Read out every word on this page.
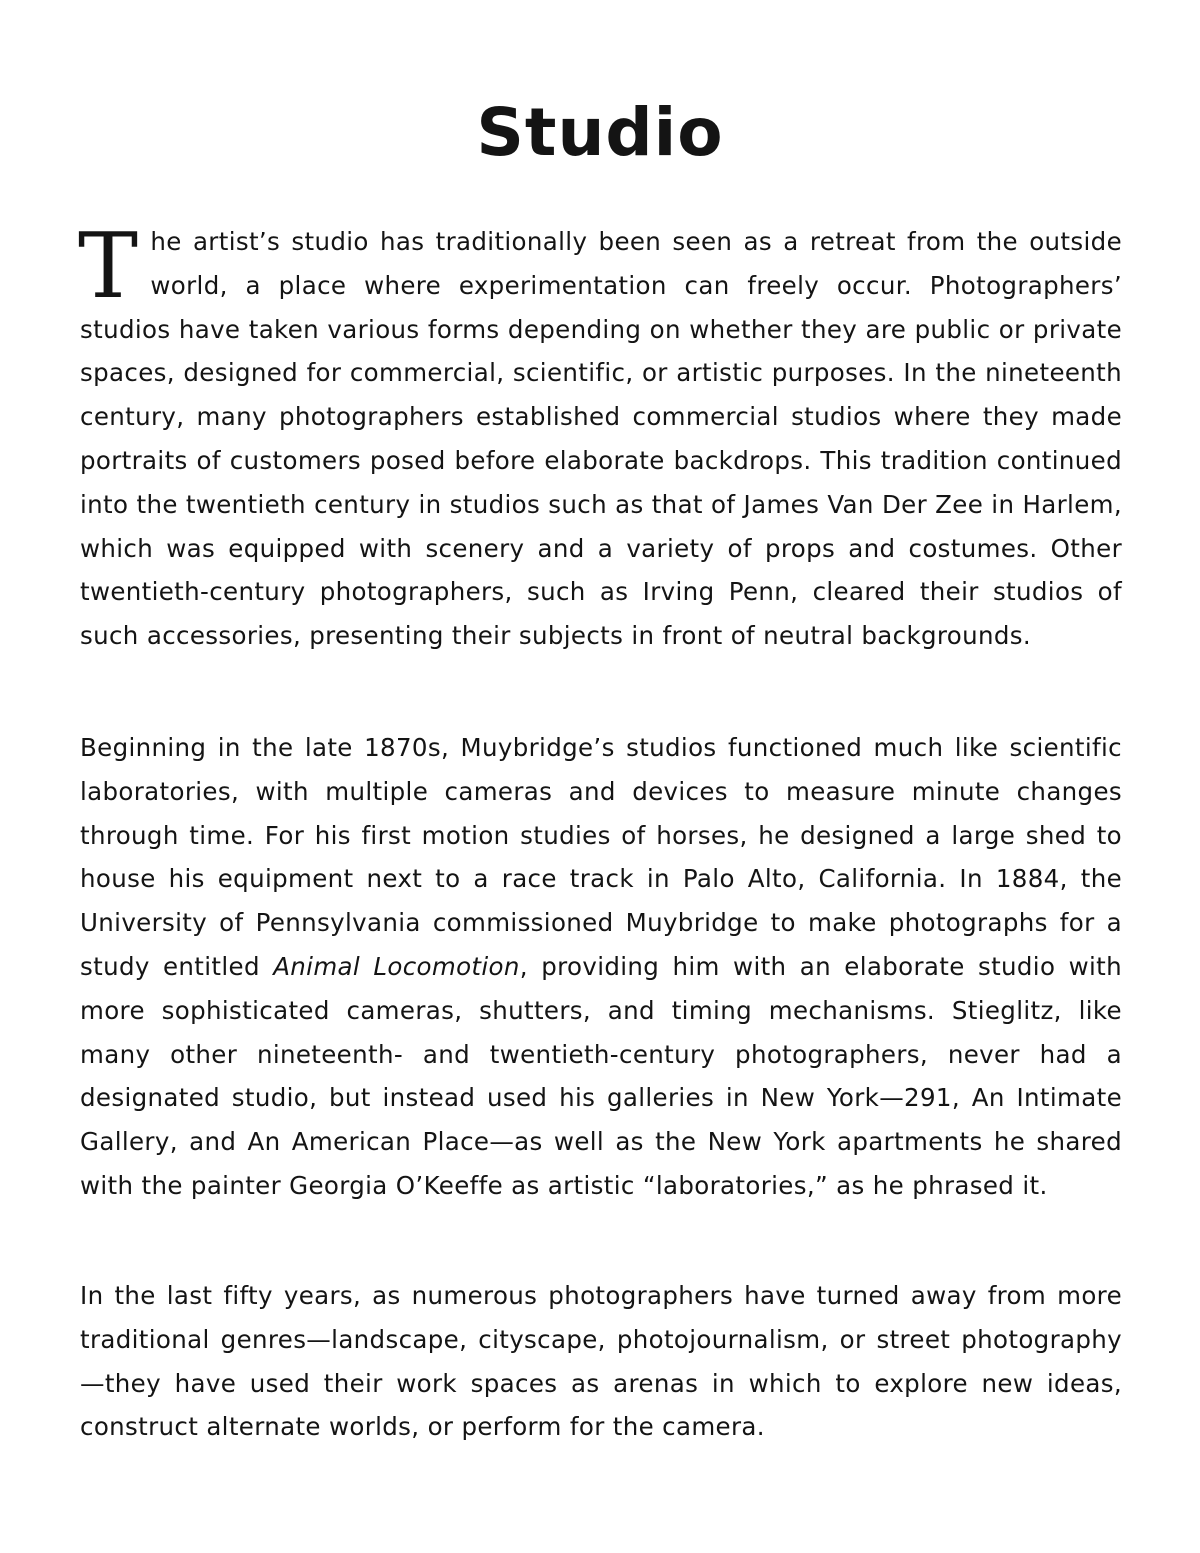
Studio

The artist’s studio has traditionally been seen as a retreat from the outside world, a place where experimentation can freely occur. Photographers’ studios have taken various forms depending on whether they are public or private spaces, designed for commercial, scientific, or artistic purposes. In the nineteenth century, many photographers established commercial studios where they made portraits of customers posed before elaborate backdrops. This tradition continued into the twentieth century in studios such as that of James Van Der Zee in Harlem, which was equipped with scenery and a variety of props and costumes. Other twentieth-century photographers, such as Irving Penn, cleared their studios of such accessories, presenting their subjects in front of neutral backgrounds.

Beginning in the late 1870s, Muybridge’s studios functioned much like scientific laboratories, with multiple cameras and devices to measure minute changes through time. For his first motion studies of horses, he designed a large shed to house his equipment next to a race track in Palo Alto, California. In 1884, the University of Pennsylvania commissioned Muybridge to make photographs for a study entitled Animal Locomotion, providing him with an elaborate studio with more sophisticated cameras, shutters, and timing mechanisms. Stieglitz, like many other nineteenth- and twentieth-century photographers, never had a designated studio, but instead used his galleries in New York—291, An Intimate Gallery, and An American Place—as well as the New York apartments he shared with the painter Georgia O’Keeffe as artistic “laboratories,” as he phrased it.

In the last fifty years, as numerous photographers have turned away from more traditional genres—landscape, cityscape, photojournalism, or street photography—they have used their work spaces as arenas in which to explore new ideas, construct alternate worlds, or perform for the camera.
